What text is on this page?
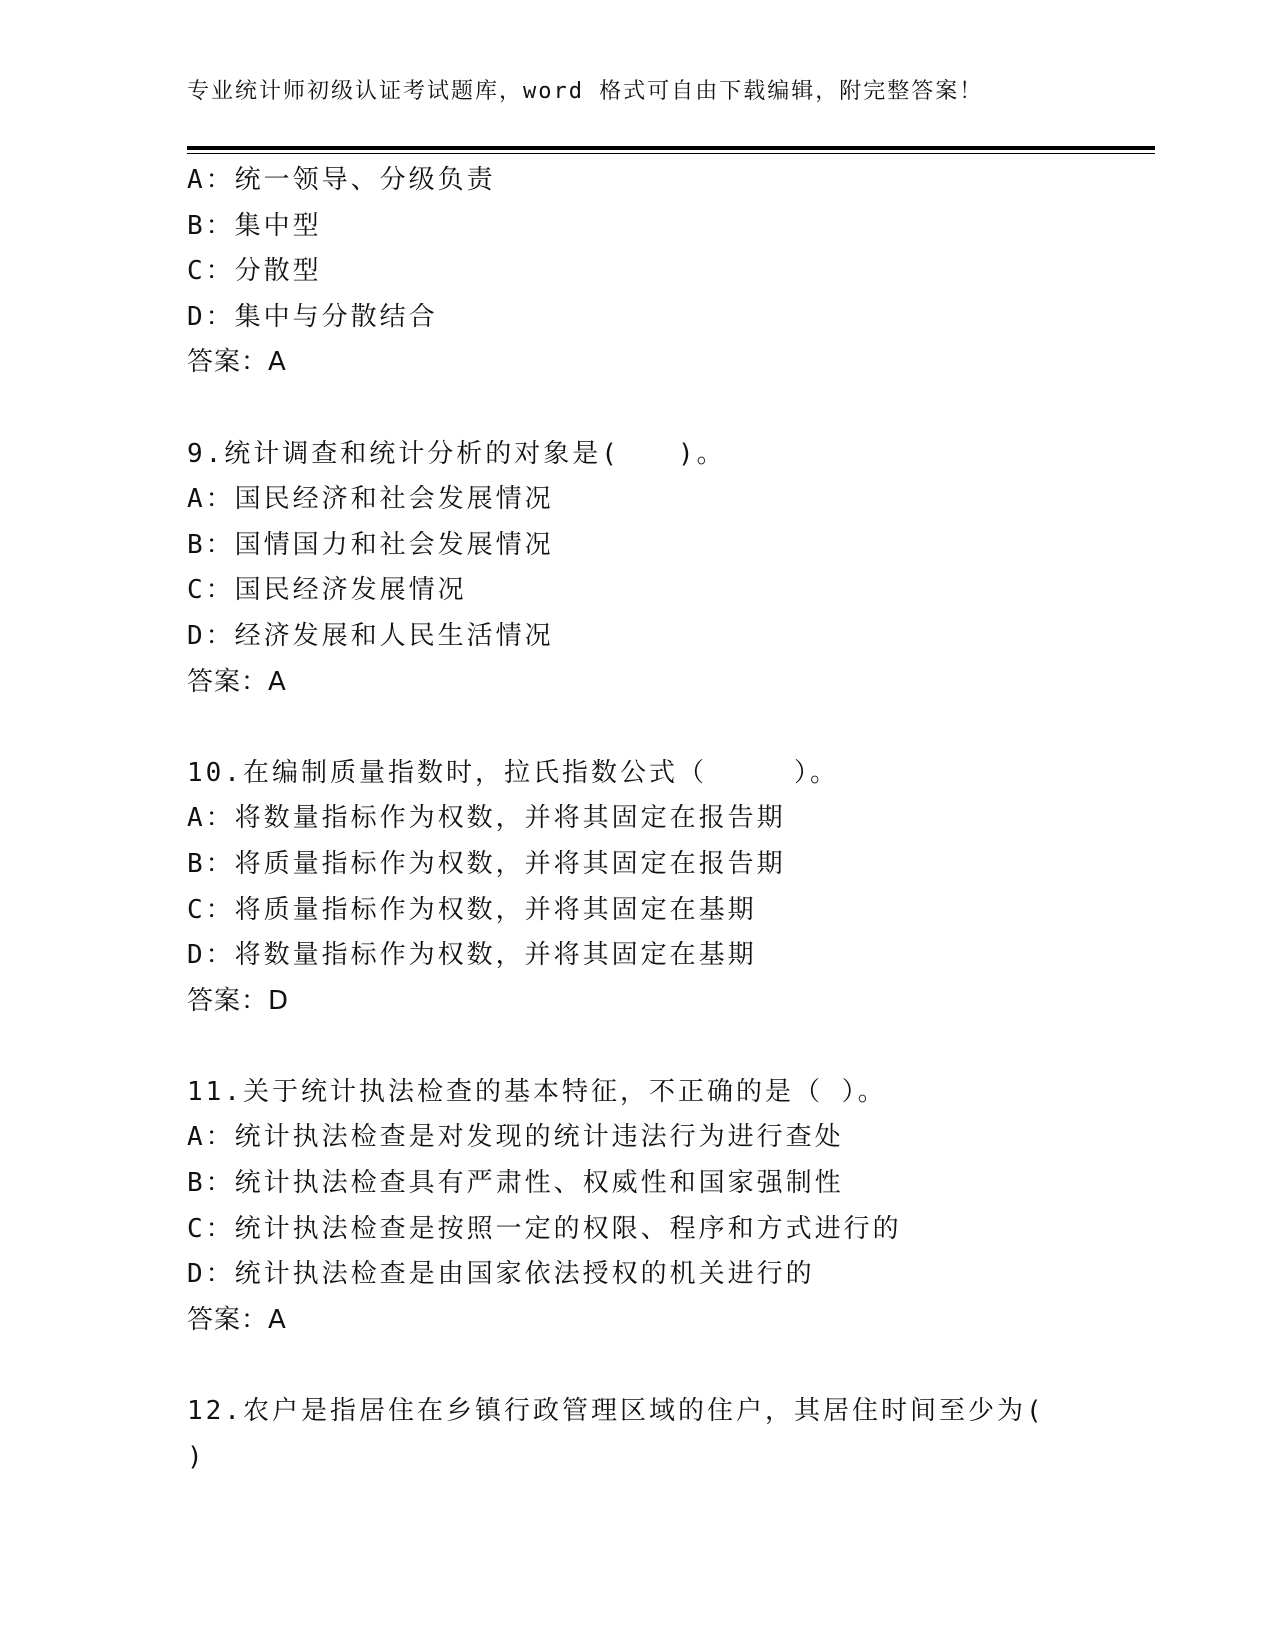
专业统计师初级认证考试题库，word 格式可自由下载编辑，附完整答案！
A：统一领导、分级负责
B：集中型
C：分散型
D：集中与分散结合
答案：A
9.统计调查和统计分析的对象是(　　)。
A：国民经济和社会发展情况
B：国情国力和社会发展情况
C：国民经济发展情况
D：经济发展和人民生活情况
答案：A
10.在编制质量指数时，拉氏指数公式（　　　）。
A：将数量指标作为权数，并将其固定在报告期
B：将质量指标作为权数，并将其固定在报告期
C：将质量指标作为权数，并将其固定在基期
D：将数量指标作为权数，并将其固定在基期
答案：D
11.关于统计执法检查的基本特征，不正确的是（ ）。
A：统计执法检查是对发现的统计违法行为进行查处
B：统计执法检查具有严肃性、权威性和国家强制性
C：统计执法检查是按照一定的权限、程序和方式进行的
D：统计执法检查是由国家依法授权的机关进行的
答案：A
12.农户是指居住在乡镇行政管理区域的住户，其居住时间至少为(
)
